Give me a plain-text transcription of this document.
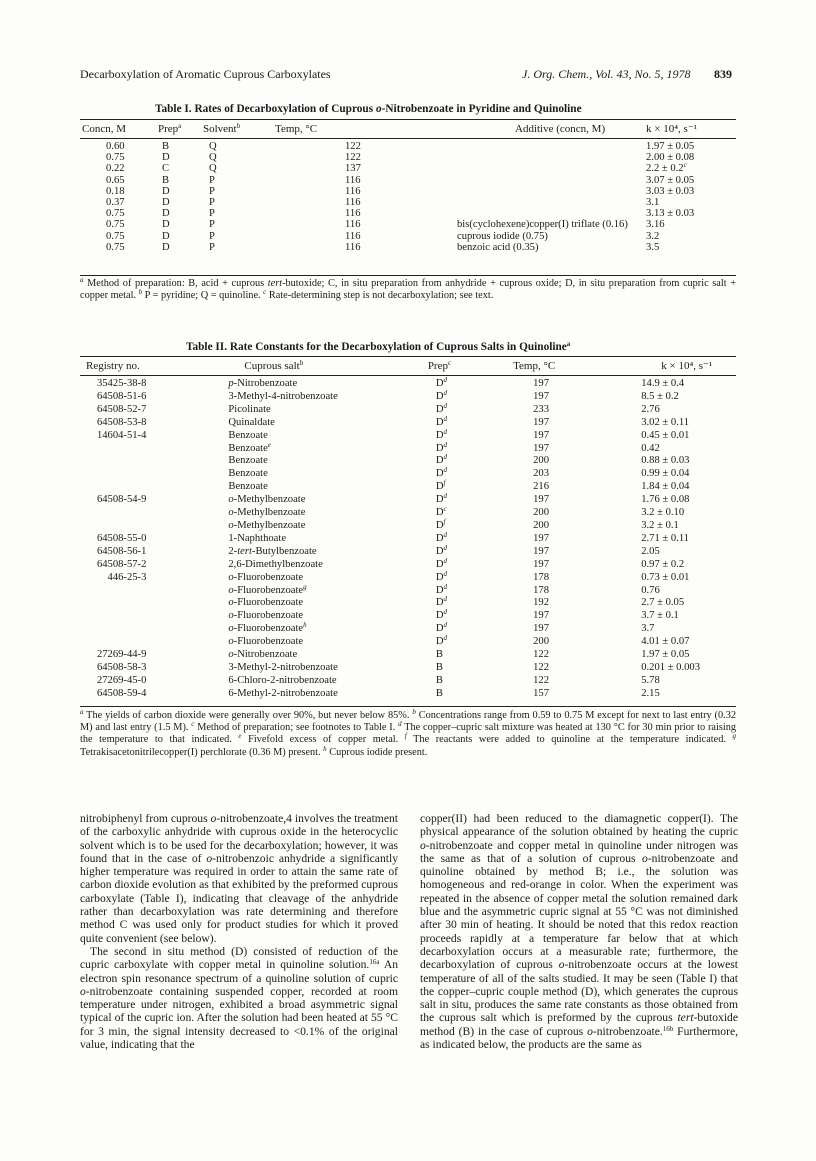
Decarboxylation of Aromatic Cuprous Carboxylates	J. Org. Chem., Vol. 43, No. 5, 1978 839
Table I. Rates of Decarboxylation of Cuprous o-Nitrobenzoate in Pyridine and Quinoline
Concn, M	Prep$^a$	Solvent$^b$	Temp, °C	Additive (concn, M)	k × 10⁴, s⁻¹
0.60	B	Q	122		1.97 ± 0.05
0.75	D	Q	122		2.00 ± 0.08
0.22	C	Q	137		2.2 ± 0.2$^c$
0.65	B	P	116		3.07 ± 0.05
0.18	D	P	116		3.03 ± 0.03
0.37	D	P	116		3.1
0.75	D	P	116		3.13 ± 0.03
0.75	D	P	116	bis(cyclohexene)copper(I) triflate (0.16)	3.16
0.75	D	P	116	cuprous iodide (0.75)	3.2
0.75	D	P	116	benzoic acid (0.35)	3.5
$^a$ Method of preparation: B, acid + cuprous tert-butoxide; C, in situ preparation from anhydride + cuprous oxide; D, in situ preparation from cupric salt + copper metal. $^b$ P = pyridine; Q = quinoline. $^c$ Rate-determining step is not decarboxylation; see text.
Table II. Rate Constants for the Decarboxylation of Cuprous Salts in Quinoline$^a$
Registry no.	Cuprous salt$^b$	Prep$^c$	Temp, °C	k × 10⁴, s⁻¹
35425-38-8	p-Nitrobenzoate	$D^d$	197	14.9 ± 0.4
64508-51-6	3-Methyl-4-nitrobenzoate	$D^d$	197	8.5 ± 0.2
64508-52-7	Picolinate	$D^d$	233	2.76
64508-53-8	Quinaldate	$D^d$	197	3.02 ± 0.11
14604-51-4	Benzoate	$D^d$	197	0.45 ± 0.01
	Benzoate$^e$	$D^d$	197	0.42
	Benzoate	$D^d$	200	0.88 ± 0.03
	Benzoate	$D^d$	203	0.99 ± 0.04
	Benzoate	$D^f$	216	1.84 ± 0.04
64508-54-9	o-Methylbenzoate	$D^d$	197	1.76 ± 0.08
	o-Methylbenzoate	$D^c$	200	3.2 ± 0.10
	o-Methylbenzoate	$D^f$	200	3.2 ± 0.1
64508-55-0	1-Naphthoate	$D^d$	197	2.71 ± 0.11
64508-56-1	2-tert-Butylbenzoate	$D^d$	197	2.05
64508-57-2	2,6-Dimethylbenzoate	$D^d$	197	0.97 ± 0.2
446-25-3	o-Fluorobenzoate	$D^d$	178	0.73 ± 0.01
	o-Fluorobenzoate$^g$	$D^d$	178	0.76
	o-Fluorobenzoate	$D^d$	192	2.7 ± 0.05
	o-Fluorobenzoate	$D^d$	197	3.7 ± 0.1
	o-Fluorobenzoate$^h$	$D^d$	197	3.7
	o-Fluorobenzoate	$D^d$	200	4.01 ± 0.07
27269-44-9	o-Nitrobenzoate	B	122	1.97 ± 0.05
64508-58-3	3-Methyl-2-nitrobenzoate	B	122	0.201 ± 0.003
27269-45-0	6-Chloro-2-nitrobenzoate	B	122	5.78
64508-59-4	6-Methyl-2-nitrobenzoate	B	157	2.15
$^a$ The yields of carbon dioxide were generally over 90%, but never below 85%. $^b$ Concentrations range from 0.59 to 0.75 M except for next to last entry (0.32 M) and last entry (1.5 M). $^c$ Method of preparation; see footnotes to Table I. $^d$ The copper–cupric salt mixture was heated at 130 °C for 30 min prior to raising the temperature to that indicated. $^e$ Fivefold excess of copper metal. $^f$ The reactants were added to quinoline at the temperature indicated. $^g$ Tetrakisacetonitrilecopper(I) perchlorate (0.36 M) present. $^h$ Cuprous iodide present.

nitrobiphenyl from cuprous o-nitrobenzoate,4 involves the treatment of the carboxylic anhydride with cuprous oxide in the heterocyclic solvent which is to be used for the decarboxylation; however, it was found that in the case of o-nitrobenzoic anhydride a significantly higher temperature was required in order to attain the same rate of carbon dioxide evolution as that exhibited by the preformed cuprous carboxylate (Table I), indicating that cleavage of the anhydride rather than decarboxylation was rate determining and therefore method C was used only for product studies for which it proved quite convenient (see below).

The second in situ method (D) consisted of reduction of the cupric carboxylate with copper metal in quinoline solution.$^{16a}$ An electron spin resonance spectrum of a quinoline solution of cupric o-nitrobenzoate containing suspended copper, recorded at room temperature under nitrogen, exhibited a broad asymmetric signal typical of the cupric ion. After the solution had been heated at 55 °C for 3 min, the signal intensity decreased to <0.1% of the original value, indicating that the

copper(II) had been reduced to the diamagnetic copper(I). The physical appearance of the solution obtained by heating the cupric o-nitrobenzoate and copper metal in quinoline under nitrogen was the same as that of a solution of cuprous o-nitrobenzoate and quinoline obtained by method B; i.e., the solution was homogeneous and red-orange in color. When the experiment was repeated in the absence of copper metal the solution remained dark blue and the asymmetric cupric signal at 55 °C was not diminished after 30 min of heating. It should be noted that this redox reaction proceeds rapidly at a temperature far below that at which decarboxylation occurs at a measurable rate; furthermore, the decarboxylation of cuprous o-nitrobenzoate occurs at the lowest temperature of all of the salts studied. It may be seen (Table I) that the copper–cupric couple method (D), which generates the cuprous salt in situ, produces the same rate constants as those obtained from the cuprous salt which is preformed by the cuprous tert-butoxide method (B) in the case of cuprous o-nitrobenzoate.$^{16b}$ Furthermore, as indicated below, the products are the same as
